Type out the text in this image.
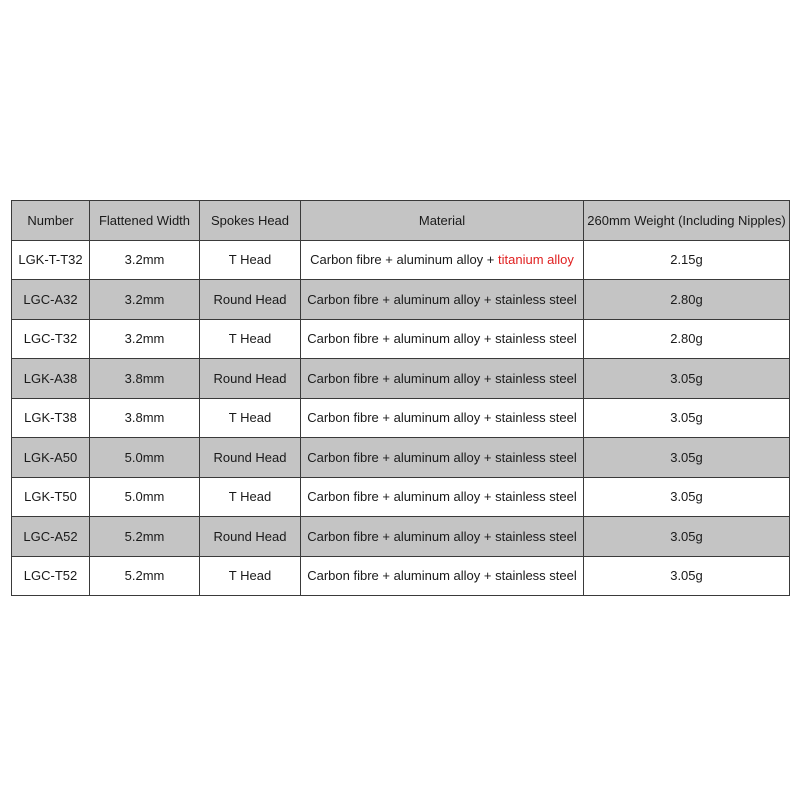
Number	Flattened Width	Spokes Head	Material	260mm Weight (Including Nipples)
LGK-T-T32	3.2mm	T Head	Carbon fibre + aluminum alloy + titanium alloy	2.15g
LGC-A32	3.2mm	Round Head	Carbon fibre + aluminum alloy + stainless steel	2.80g
LGC-T32	3.2mm	T Head	Carbon fibre + aluminum alloy + stainless steel	2.80g
LGK-A38	3.8mm	Round Head	Carbon fibre + aluminum alloy + stainless steel	3.05g
LGK-T38	3.8mm	T Head	Carbon fibre + aluminum alloy + stainless steel	3.05g
LGK-A50	5.0mm	Round Head	Carbon fibre + aluminum alloy + stainless steel	3.05g
LGK-T50	5.0mm	T Head	Carbon fibre + aluminum alloy + stainless steel	3.05g
LGC-A52	5.2mm	Round Head	Carbon fibre + aluminum alloy + stainless steel	3.05g
LGC-T52	5.2mm	T Head	Carbon fibre + aluminum alloy + stainless steel	3.05g
